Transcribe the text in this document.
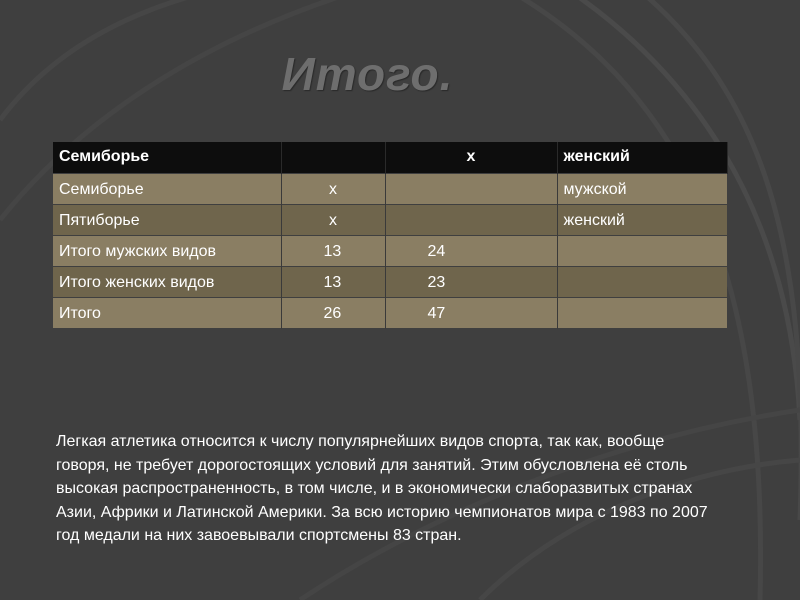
Итого.
Семиборье		х	женский
Семиборье	х		мужской
Пятиборье	х		женский
Итого мужских видов	13	24	
Итого женских видов	13	23	
Итого	26	47	
Легкая атлетика относится к числу популярнейших видов спорта, так как, вообще говоря, не требует дорогостоящих условий для занятий. Этим обусловлена её столь высокая распространенность, в том числе, и в экономически слаборазвитых странах Азии, Африки и Латинской Америки. За всю историю чемпионатов мира с 1983 по 2007 год медали на них завоевывали спортсмены 83 стран.
